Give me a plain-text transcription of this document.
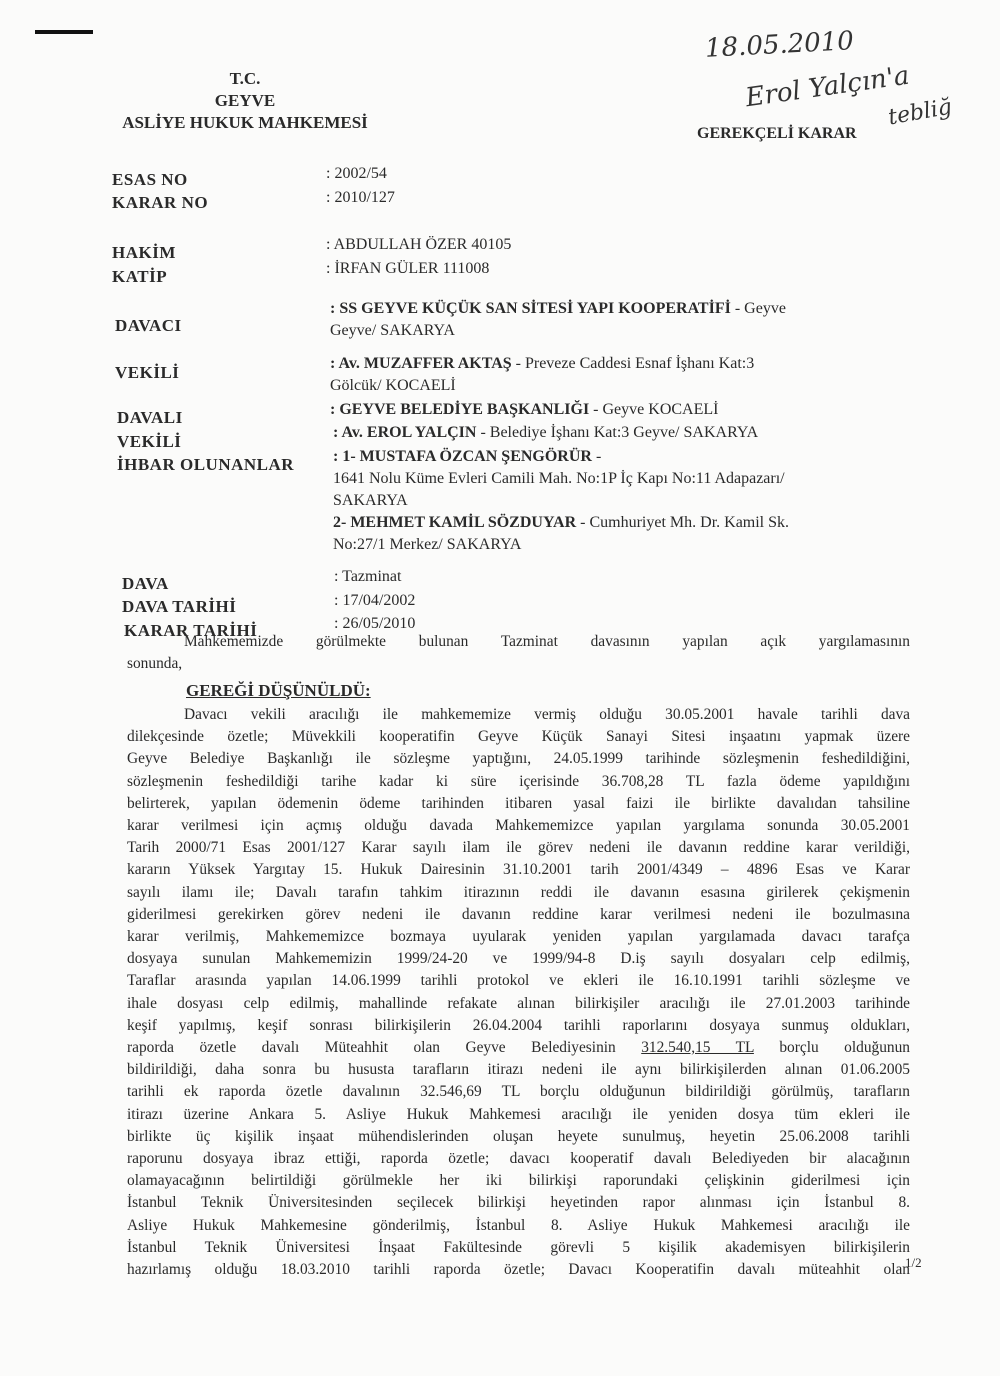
18.05.2010
Erol Yalçın'a
tebliğ
T.C.
GEYVE
ASLİYE HUKUK MAHKEMESİ
GEREKÇELİ KARAR
ESAS NO
KARAR NO
HAKİM
KATİP
DAVACI
VEKİLİ
DAVALI
VEKİLİ
İHBAR OLUNANLAR
DAVA
DAVA TARİHİ
KARAR TARİHİ
: 2002/54
: 2010/127
: ABDULLAH ÖZER 40105
: İRFAN GÜLER 111008
: SS GEYVE KÜÇÜK SAN SİTESİ YAPI KOOPERATİFİ - Geyve
Geyve/ SAKARYA
: Av. MUZAFFER AKTAŞ - Preveze Caddesi Esnaf İşhanı Kat:3
Gölcük/ KOCAELİ
: GEYVE BELEDİYE BAŞKANLIĞI - Geyve KOCAELİ
: Av. EROL YALÇIN - Belediye İşhanı Kat:3 Geyve/ SAKARYA
: 1- MUSTAFA ÖZCAN ŞENGÖRÜR -
1641 Nolu Küme Evleri Camili Mah. No:1P İç Kapı No:11 Adapazarı/
SAKARYA
2- MEHMET KAMİL SÖZDUYAR - Cumhuriyet Mh. Dr. Kamil Sk.
No:27/1 Merkez/ SAKARYA
: Tazminat
: 17/04/2002
: 26/05/2010
Mahkememizde görülmekte bulunan Tazminat davasının yapılan açık yargılamasının
sonunda,
GEREĞİ DÜŞÜNÜLDÜ:
Davacı vekili aracılığı ile mahkememize vermiş olduğu 30.05.2001 havale tarihli dava
dilekçesinde özetle; Müvekkili kooperatifin Geyve Küçük Sanayi Sitesi inşaatını yapmak üzere
Geyve Belediye Başkanlığı ile sözleşme yaptığını, 24.05.1999 tarihinde sözleşmenin feshedildiğini,
sözleşmenin feshedildiği tarihe kadar ki süre içerisinde 36.708,28 TL fazla ödeme yapıldığını
belirterek, yapılan ödemenin ödeme tarihinden itibaren yasal faizi ile birlikte davalıdan tahsiline
karar verilmesi için açmış olduğu davada Mahkememizce yapılan yargılama sonunda 30.05.2001
Tarih 2000/71 Esas 2001/127 Karar sayılı ilam ile görev nedeni ile davanın reddine karar verildiği,
kararın Yüksek Yargıtay 15. Hukuk Dairesinin 31.10.2001 tarih 2001/4349 – 4896 Esas ve Karar
sayılı ilamı ile; Davalı tarafın tahkim itirazının reddi ile davanın esasına girilerek çekişmenin
giderilmesi gerekirken görev nedeni ile davanın reddine karar verilmesi nedeni ile bozulmasına
karar verilmiş, Mahkememizce bozmaya uyularak yeniden yapılan yargılamada davacı tarafça
dosyaya sunulan Mahkememizin 1999/24-20 ve 1999/94-8 D.iş sayılı dosyaları celp edilmiş,
Taraflar arasında yapılan 14.06.1999 tarihli protokol ve ekleri ile 16.10.1991 tarihli sözleşme ve
ihale dosyası celp edilmiş, mahallinde refakate alınan bilirkişiler aracılığı ile 27.01.2003 tarihinde
keşif yapılmış, keşif sonrası bilirkişilerin 26.04.2004 tarihli raporlarını dosyaya sunmuş oldukları,
raporda özetle davalı Müteahhit olan Geyve Belediyesinin 312.540,15 TL borçlu olduğunun
bildirildiği, daha sonra bu hususta tarafların itirazı nedeni ile aynı bilirkişilerden alınan 01.06.2005
tarihli ek raporda özetle davalının 32.546,69 TL borçlu olduğunun bildirildiği görülmüş, tarafların
itirazı üzerine Ankara 5. Asliye Hukuk Mahkemesi aracılığı ile yeniden dosya tüm ekleri ile
birlikte üç kişilik inşaat mühendislerinden oluşan heyete sunulmuş, heyetin 25.06.2008 tarihli
raporunu dosyaya ibraz ettiği, raporda özetle; davacı kooperatif davalı Belediyeden bir alacağının
olamayacağının belirtildiği görülmekle her iki bilirkişi raporundaki çelişkinin giderilmesi için
İstanbul Teknik Üniversitesinden seçilecek bilirkişi heyetinden rapor alınması için İstanbul 8.
Asliye Hukuk Mahkemesine gönderilmiş, İstanbul 8. Asliye Hukuk Mahkemesi aracılığı ile
İstanbul Teknik Üniversitesi İnşaat Fakültesinde görevli 5 kişilik akademisyen bilirkişilerin
hazırlamış olduğu 18.03.2010 tarihli raporda özetle; Davacı Kooperatifin davalı müteahhit olan
1/2
